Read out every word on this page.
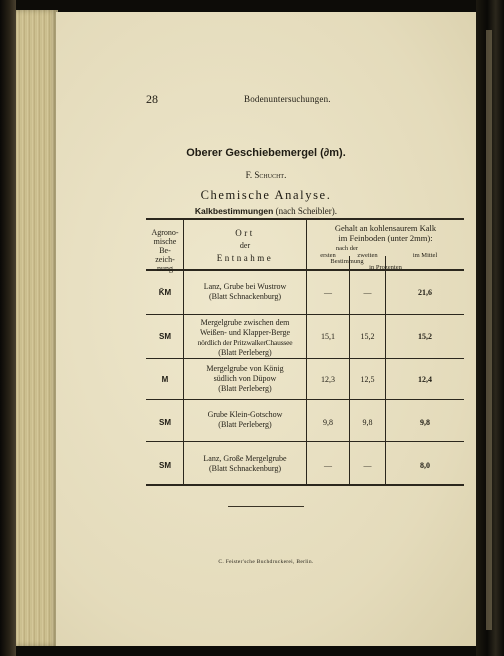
28	Bodenuntersuchungen.
Oberer Geschiebemergel (∂m).
F. Schucht.
Chemische Analyse.
Kalkbestimmungen (nach Scheibler).
Agrono-
mische
Be-
zeich-
nung
Ort
der
Entnahme
Gehalt an kohlensaurem Kalk
im Feinboden (unter 2mm):
nach der
ersten	zweiten	im Mittel
Bestimmung
in Prozenten
K̄M
Lanz, Grube bei Wustrow
(Blatt Schnackenburg)	—	—	21,6
SM
Mergelgrube zwischen dem
Weißen- und Klapper-Berge
nördlich der PritzwalkerChaussee
(Blatt Perleberg)
15,1	15,2	15,2
M
Mergelgrube von König
südlich von Düpow
(Blatt Perleberg)
12,3	12,5	12,4
SM
Grube Klein-Gotschow
(Blatt Perleberg)	9,8	9,8	9,8
SM
Lanz, Große Mergelgrube
(Blatt Schnackenburg)	—	—	8,0
C. Feister'sche Buchdruckerei, Berlin.
